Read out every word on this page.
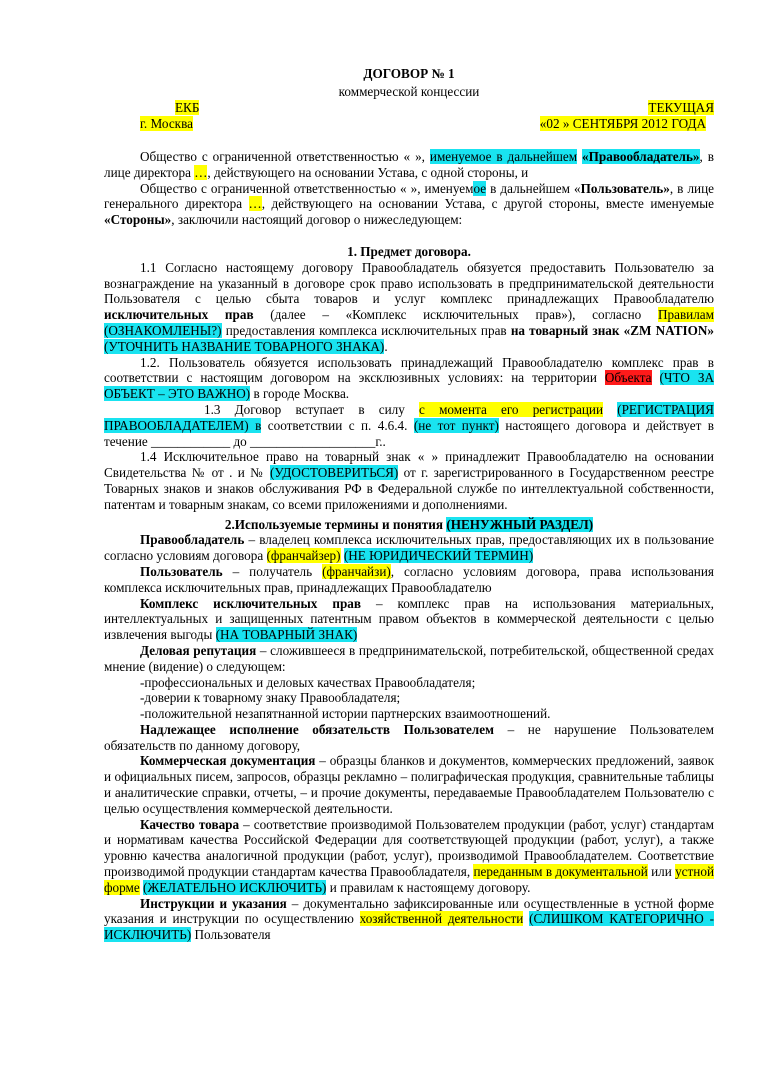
ДОГОВОР № 1
коммерческой концессии
ЕКБ
г. Москва
ТЕКУЩАЯ
«02 » СЕНТЯБРЯ 2012 ГОДА

Общество с ограниченной ответственностью « », именуемое в дальнейшем «Правообладатель», в лице директора …, действующего на основании Устава, с одной стороны, и

Общество с ограниченной ответственностью « », именуемое в дальнейшем «Пользователь», в лице генерального директора …, действующего на основании Устава, с другой стороны, вместе именуемые «Стороны», заключили настоящий договор о нижеследующем:

1. Предмет договора.

1.1 Согласно настоящему договору Правообладатель обязуется предоставить Пользователю за вознаграждение на указанный в договоре срок право использовать в предпринимательской деятельности Пользователя с целью сбыта товаров и услуг комплекс принадлежащих Правообладателю исключительных прав (далее – «Комплекс исключительных прав»), согласно Правилам (ОЗНАКОМЛЕНЫ?) предоставления комплекса исключительных прав на товарный знак «ZM NATION» (УТОЧНИТЬ НАЗВАНИЕ ТОВАРНОГО ЗНАКА).

1.2. Пользователь обязуется использовать принадлежащий Правообладателю комплекс прав в соответствии с настоящим договором на эксклюзивных условиях: на территории Объекта (ЧТО ЗА ОБЪЕКТ – ЭТО ВАЖНО) в городе Москва.

1.3 Договор вступает в силу с момента его регистрации (РЕГИСТРАЦИЯ ПРАВООБЛАДАТЕЛЕМ) в соответствии с п. 4.6.4. (не тот пункт) настоящего договора и действует в течение ____________ до ___________________г..

1.4 Исключительное право на товарный знак « » принадлежит Правообладателю на основании Свидетельства № от . и № (УДОСТОВЕРИТЬСЯ) от г. зарегистрированного в Государственном реестре Товарных знаков и знаков обслуживания РФ в Федеральной службе по интеллектуальной собственности, патентам и товарным знакам, со всеми приложениями и дополнениями.

2.Используемые термины и понятия (НЕНУЖНЫЙ РАЗДЕЛ)

Правообладатель – владелец комплекса исключительных прав, предоставляющих их в пользование согласно условиям договора (франчайзер) (НЕ ЮРИДИЧЕСКИЙ ТЕРМИН)

Пользователь – получатель (франчайзи), согласно условиям договора, права использования комплекса исключительных прав, принадлежащих Правообладателю

Комплекс исключительных прав – комплекс прав на использования материальных, интеллектуальных и защищенных патентным правом объектов в коммерческой деятельности с целью извлечения выгоды (НА ТОВАРНЫЙ ЗНАК)

Деловая репутация – сложившееся в предпринимательской, потребительской, общественной средах мнение (видение) о следующем:

-профессиональных и деловых качествах Правообладателя;

-доверии к товарному знаку Правообладателя;

-положительной незапятнанной истории партнерских взаимоотношений.

Надлежащее исполнение обязательств Пользователем – не нарушение Пользователем обязательств по данному договору,

Коммерческая документация – образцы бланков и документов, коммерческих предложений, заявок и официальных писем, запросов, образцы рекламно – полиграфическая продукция, сравнительные таблицы и аналитические справки, отчеты, – и прочие документы, передаваемые Правообладателем Пользователю с целью осуществления коммерческой деятельности.

Качество товара – соответствие производимой Пользователем продукции (работ, услуг) стандартам и нормативам качества Российской Федерации для соответствующей продукции (работ, услуг), а также уровню качества аналогичной продукции (работ, услуг), производимой Правообладателем. Соответствие производимой продукции стандартам качества Правообладателя, переданным в документальной или устной форме (ЖЕЛАТЕЛЬНО ИСКЛЮЧИТЬ) и правилам к настоящему договору.

Инструкции и указания – документально зафиксированные или осуществленные в устной форме указания и инструкции по осуществлению хозяйственной деятельности (СЛИШКОМ КАТЕГОРИЧНО - ИСКЛЮЧИТЬ) Пользователя
